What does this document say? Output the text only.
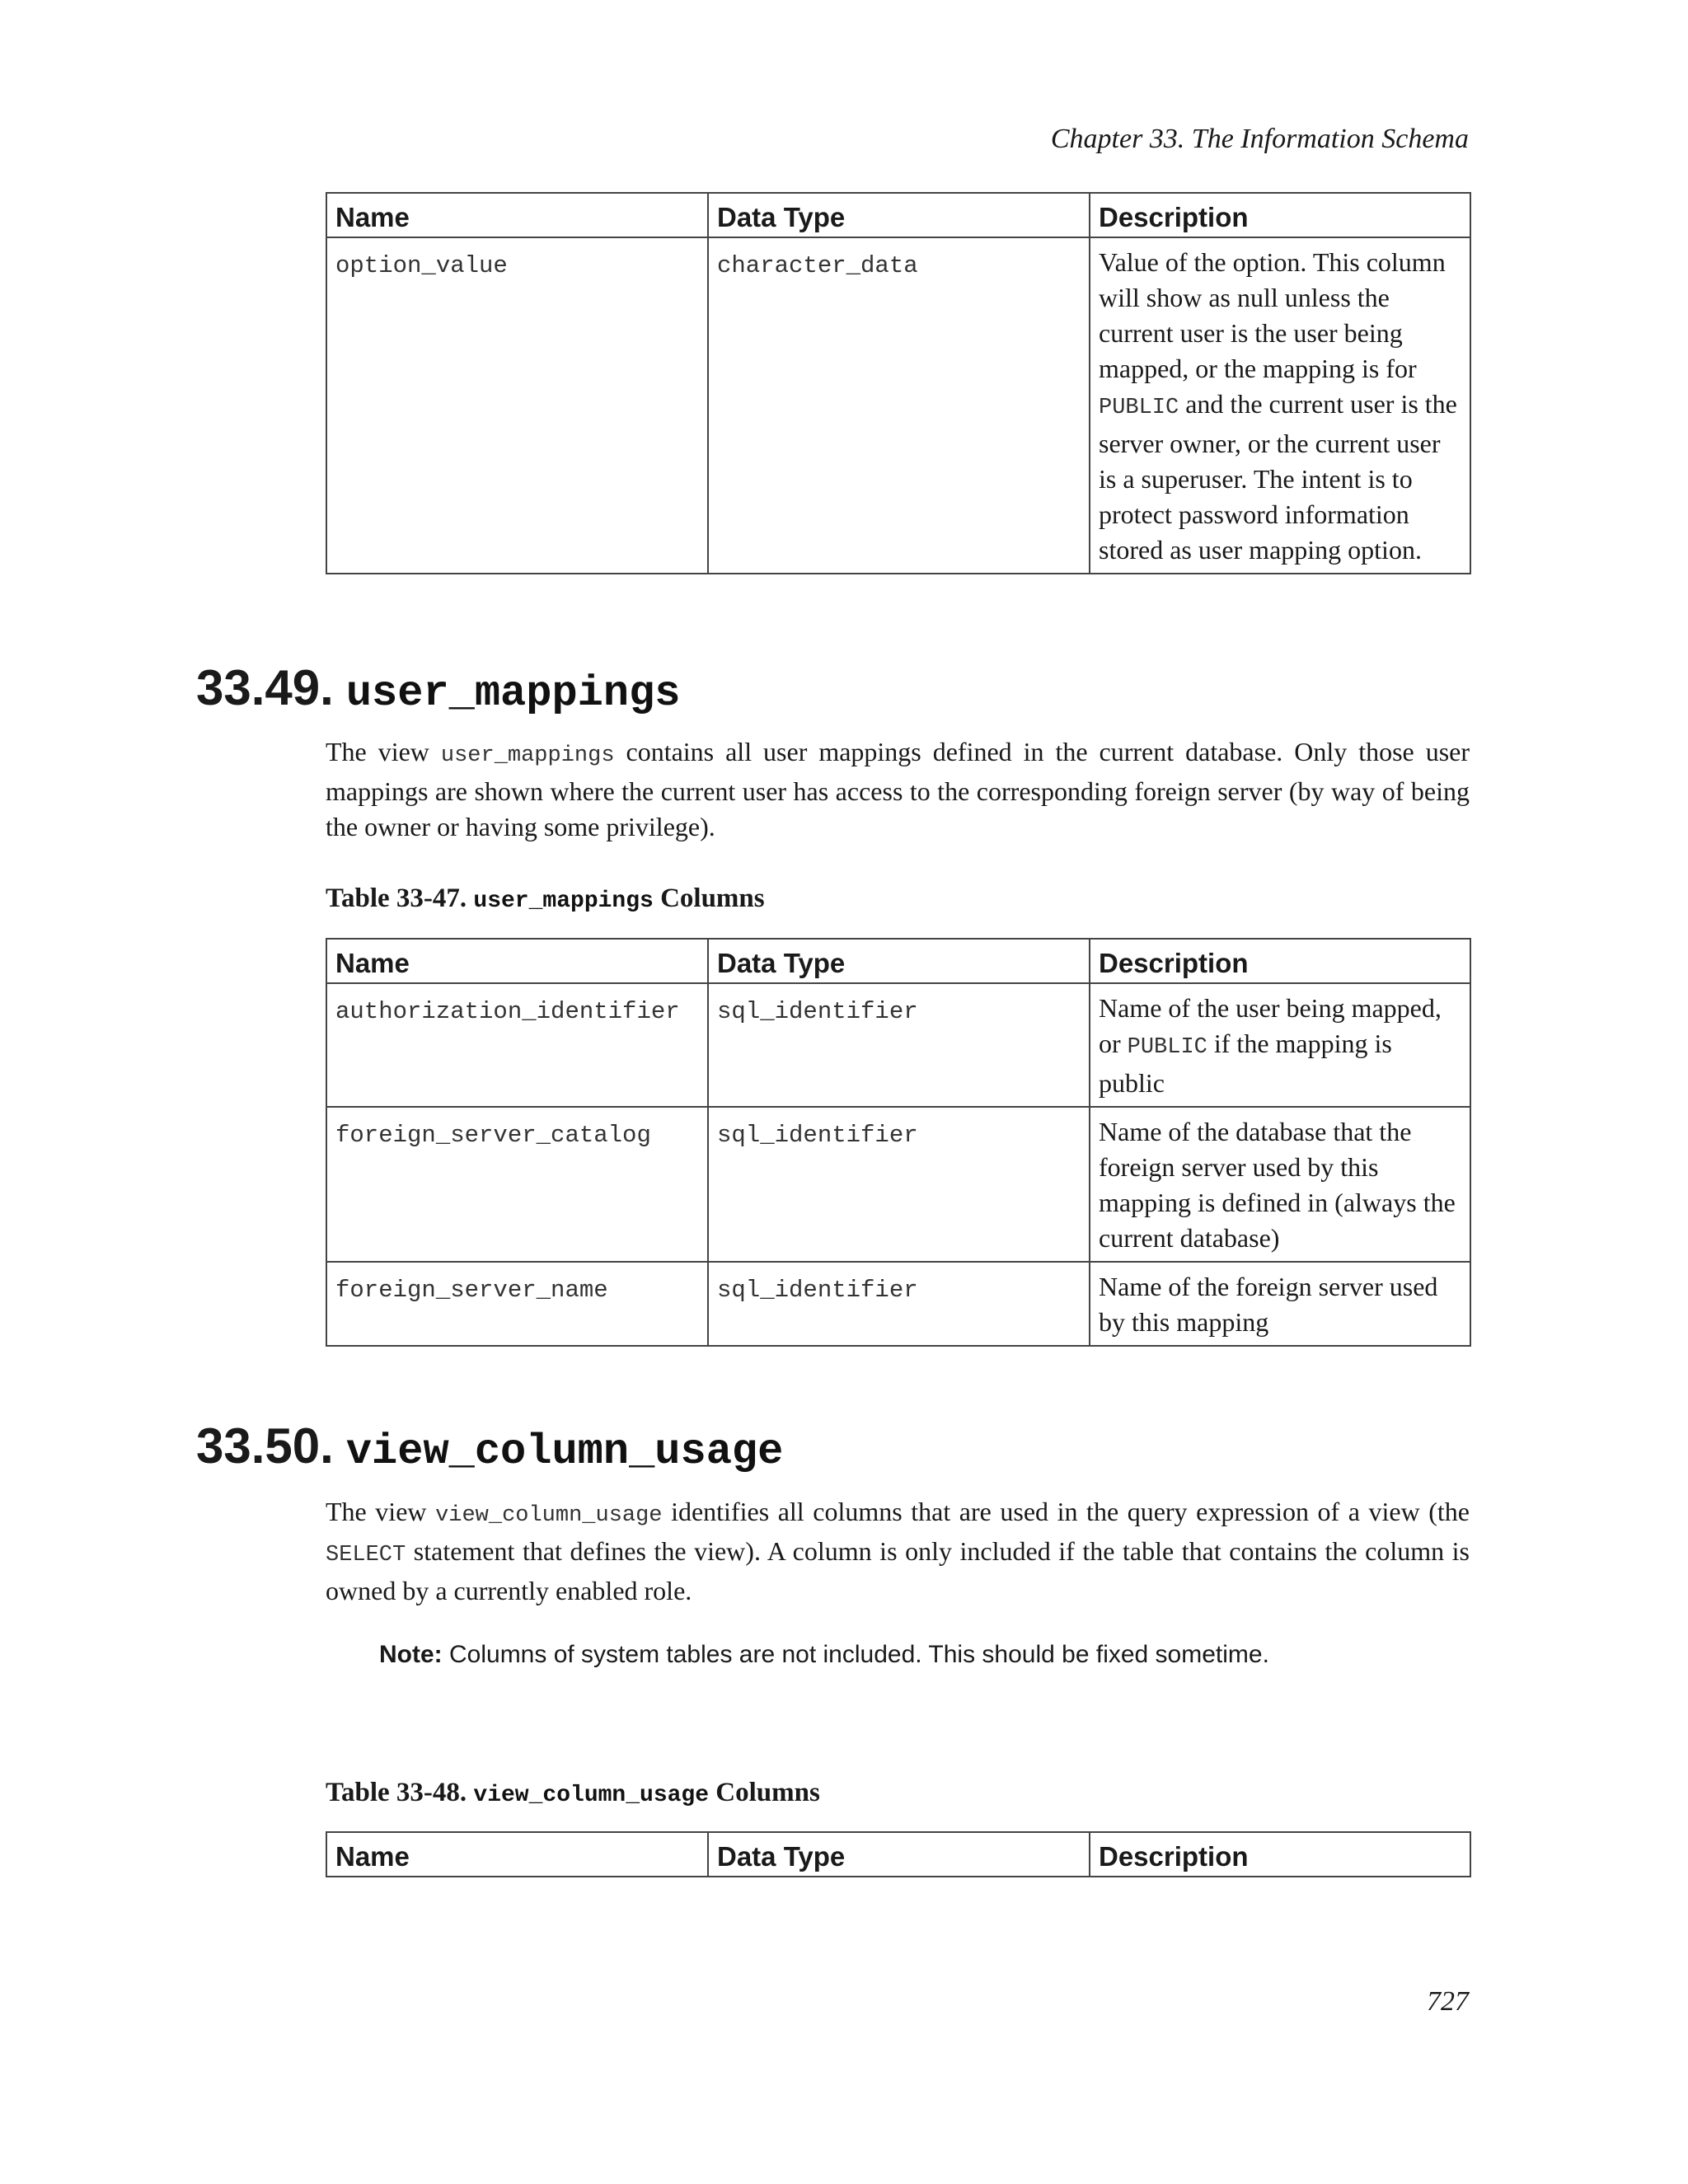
Chapter 33. The Information Schema
Name	Data Type	Description
option_value	character_data	Value of the option. This column will show as null unless the current user is the user being mapped, or the mapping is for PUBLIC and the current user is the server owner, or the current user is a superuser. The intent is to protect password information stored as user mapping option.
33.49. user_mappings
The view user_mappings contains all user mappings defined in the current database. Only those user mappings are shown where the current user has access to the corresponding foreign server (by way of being the owner or having some privilege).
Table 33-47. user_mappings Columns
Name	Data Type	Description
authorization_identifier	sql_identifier	Name of the user being mapped, or PUBLIC if the mapping is public
foreign_server_catalog	sql_identifier	Name of the database that the foreign server used by this mapping is defined in (always the current database)
foreign_server_name	sql_identifier	Name of the foreign server used by this mapping
33.50. view_column_usage
The view view_column_usage identifies all columns that are used in the query expression of a view (the SELECT statement that defines the view). A column is only included if the table that contains the column is owned by a currently enabled role.
Note: Columns of system tables are not included. This should be fixed sometime.
Table 33-48. view_column_usage Columns
Name	Data Type	Description
727
